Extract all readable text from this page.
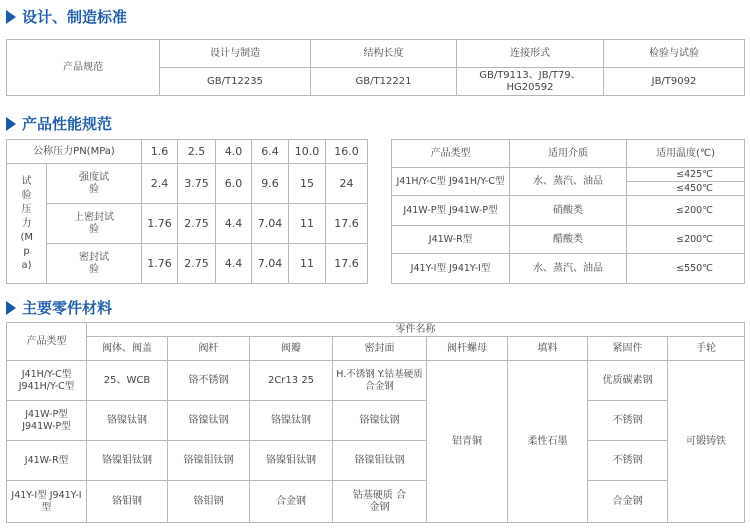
设计、制造标准
产品规范	设计与制造	结构长度	连接形式	检验与试验
	GB/T12235	GB/T12221	GB/T9113、JB/T79、HG20592	JB/T9092
产品性能规范
公称压力PN(MPa)		1.6	2.5	4.0	6.4	10.0	16.0

试验压力(Mpa)	强度试验	2.4	3.75	6.0	9.6	15	24

	上密封试验	1.76	2.75	4.4	7.04	11	17.6

	密封试验	1.76	2.75	4.4	7.04	11	17.6
产品类型	适用介质	适用温度(℃)
J41H/Y-C型 J941H/Y-C型	水、蒸汽、油品	≤425℃
		≤450℃
J41W-P型 J941W-P型	硝酸类	≤200℃
J41W-R型	醋酸类	≤200℃
J41Y-I型 J941Y-I型	水、蒸汽、油品	≤550℃
主要零件材料
产品类型	零件名称							
	阀体、阀盖	阀杆	阀瓣	密封面	阀杆螺母	填料	紧固件	手轮
J41H/Y-C型 J941H/Y-C型	25、WCB	铬不锈钢	2Cr13 25	H.不锈钢 Y.钴基硬质合金钢	铝青铜	柔性石墨	优质碳素钢	可锻铸铁
J41W-P型 J941W-P型	铬镍钛钢	铬镍钛钢	铬镍钛钢	铬镍钛钢			不锈钢	
J41W-R型	铬镍钼钛钢	铬镍钼钛钢	铬镍钼钛钢	铬镍钼钛钢			不锈钢	
J41Y-I型 J941Y-I型	铬钼钢	铬钼钢	合金钢	钴基硬质 合金钢			合金钢	
